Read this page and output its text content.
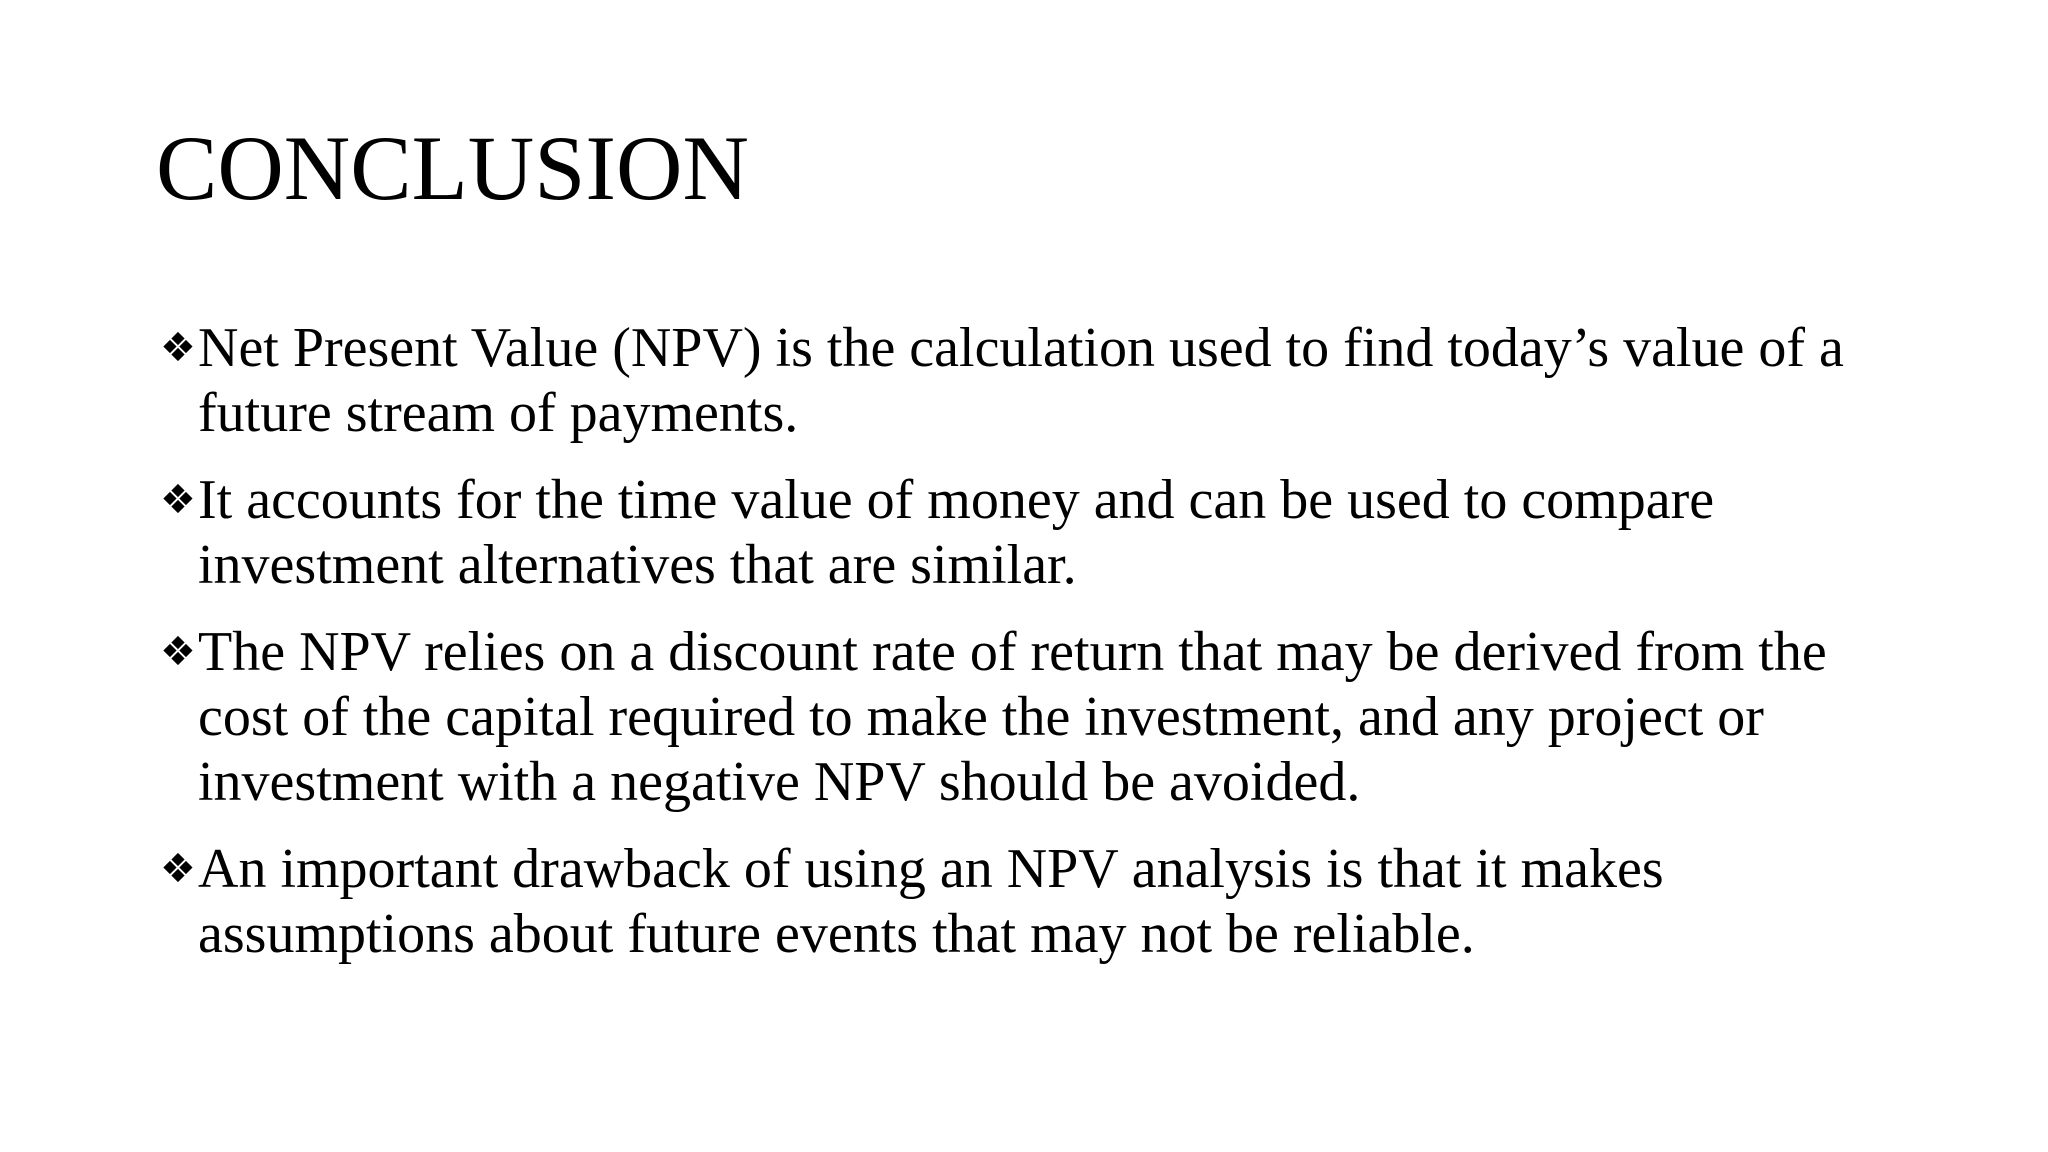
CONCLUSION
❖ Net Present Value (NPV) is the calculation used to find today’s value of a future stream of payments.
❖ It accounts for the time value of money and can be used to compare investment alternatives that are similar.
❖ The NPV relies on a discount rate of return that may be derived from the cost of the capital required to make the investment, and any project or investment with a negative NPV should be avoided.
❖ An important drawback of using an NPV analysis is that it makes assumptions about future events that may not be reliable.
